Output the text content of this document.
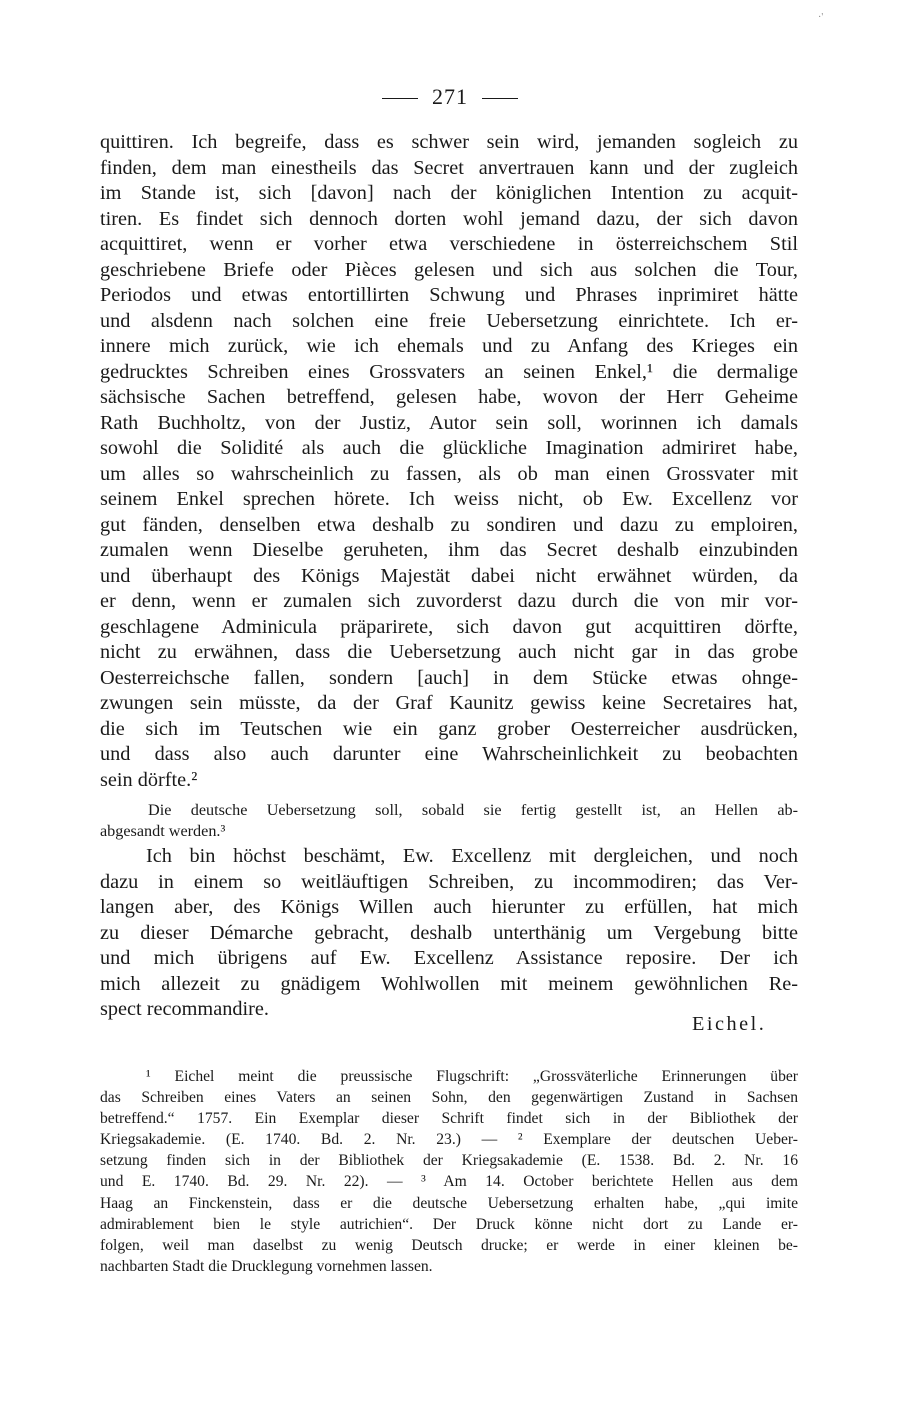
·'
271
quittiren. Ich begreife, dass es schwer sein wird, jemanden sogleich zu
finden, dem man einestheils das Secret anvertrauen kann und der zugleich
im Stande ist, sich [davon] nach der königlichen Intention zu acquit-
tiren. Es findet sich dennoch dorten wohl jemand dazu, der sich davon
acquittiret, wenn er vorher etwa verschiedene in österreichschem Stil
geschriebene Briefe oder Pièces gelesen und sich aus solchen die Tour,
Periodos und etwas entortillirten Schwung und Phrases inprimiret hätte
und alsdenn nach solchen eine freie Uebersetzung einrichtete. Ich er-
innere mich zurück, wie ich ehemals und zu Anfang des Krieges ein
gedrucktes Schreiben eines Grossvaters an seinen Enkel,¹ die dermalige
sächsische Sachen betreffend, gelesen habe, wovon der Herr Geheime
Rath Buchholtz, von der Justiz, Autor sein soll, worinnen ich damals
sowohl die Solidité als auch die glückliche Imagination admiriret habe,
um alles so wahrscheinlich zu fassen, als ob man einen Grossvater mit
seinem Enkel sprechen hörete. Ich weiss nicht, ob Ew. Excellenz vor
gut fänden, denselben etwa deshalb zu sondiren und dazu zu emploiren,
zumalen wenn Dieselbe geruheten, ihm das Secret deshalb einzubinden
und überhaupt des Königs Majestät dabei nicht erwähnet würden, da
er denn, wenn er zumalen sich zuvorderst dazu durch die von mir vor-
geschlagene Adminicula präparirete, sich davon gut acquittiren dörfte,
nicht zu erwähnen, dass die Uebersetzung auch nicht gar in das grobe
Oesterreichsche fallen, sondern [auch] in dem Stücke etwas ohnge-
zwungen sein müsste, da der Graf Kaunitz gewiss keine Secretaires hat,
die sich im Teutschen wie ein ganz grober Oesterreicher ausdrücken,
und dass also auch darunter eine Wahrscheinlichkeit zu beobachten
sein dörfte.²
Die deutsche Uebersetzung soll, sobald sie fertig gestellt ist, an Hellen ab-
abgesandt werden.³
Ich bin höchst beschämt, Ew. Excellenz mit dergleichen, und noch
dazu in einem so weitläuftigen Schreiben, zu incommodiren; das Ver-
langen aber, des Königs Willen auch hierunter zu erfüllen, hat mich
zu dieser Démarche gebracht, deshalb unterthänig um Vergebung bitte
und mich übrigens auf Ew. Excellenz Assistance reposire. Der ich
mich allezeit zu gnädigem Wohlwollen mit meinem gewöhnlichen Re-
spect recommandire.
Eichel.
¹ Eichel meint die preussische Flugschrift: „Grossväterliche Erinnerungen über
das Schreiben eines Vaters an seinen Sohn, den gegenwärtigen Zustand in Sachsen
betreffend.“ 1757. Ein Exemplar dieser Schrift findet sich in der Bibliothek der
Kriegsakademie. (E. 1740. Bd. 2. Nr. 23.) — ² Exemplare der deutschen Ueber-
setzung finden sich in der Bibliothek der Kriegsakademie (E. 1538. Bd. 2. Nr. 16
und E. 1740. Bd. 29. Nr. 22). — ³ Am 14. October berichtete Hellen aus dem
Haag an Finckenstein, dass er die deutsche Uebersetzung erhalten habe, „qui imite
admirablement bien le style autrichien“. Der Druck könne nicht dort zu Lande er-
folgen, weil man daselbst zu wenig Deutsch drucke; er werde in einer kleinen be-
nachbarten Stadt die Drucklegung vornehmen lassen.
